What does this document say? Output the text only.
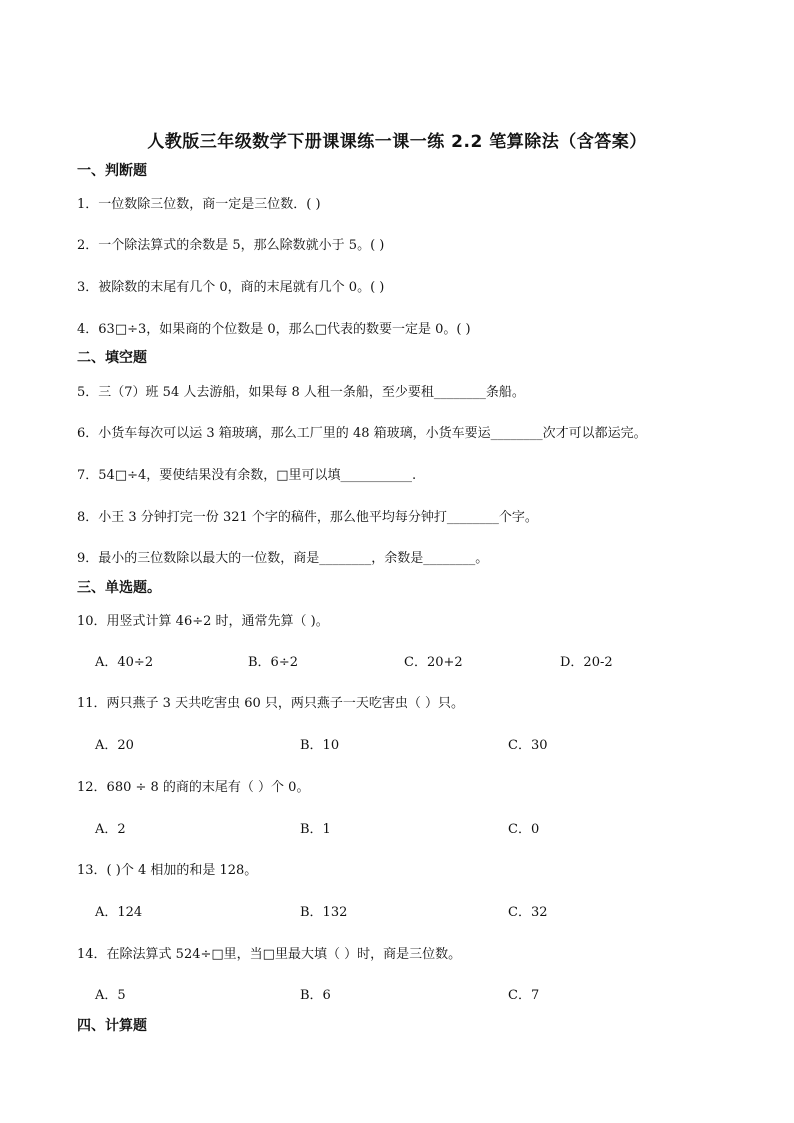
人教版三年级数学下册课课练一课一练 2.2 笔算除法（含答案）
一、判断题
1．一位数除三位数，商一定是三位数．( )
2．一个除法算式的余数是 5，那么除数就小于 5。( )
3．被除数的末尾有几个 0，商的末尾就有几个 0。( )
4．63□÷3，如果商的个位数是 0，那么□代表的数要一定是 0。( )
二、填空题
5．三（7）班 54 人去游船，如果每 8 人租一条船，至少要租________条船。
6．小货车每次可以运 3 箱玻璃，那么工厂里的 48 箱玻璃，小货车要运________次才可以都运完。
7．54□÷4，要使结果没有余数，□里可以填___________.
8．小王 3 分钟打完一份 321 个字的稿件，那么他平均每分钟打________个字。
9．最小的三位数除以最大的一位数，商是________，余数是________。
三、单选题。
10．用竖式计算 46÷2 时，通常先算（ )。
A．40÷2	B．6÷2	C．20+2	D．20-2
11．两只燕子 3 天共吃害虫 60 只，两只燕子一天吃害虫（ ）只。
A．20	B．10	C．30
12．680 ÷ 8 的商的末尾有（ ）个 0。
A．2	B．1	C．0
13．( )个 4 相加的和是 128。
A．124	B．132	C．32
14．在除法算式 524÷□里，当□里最大填（ ）时，商是三位数。
A．5	B．6	C．7
四、计算题
